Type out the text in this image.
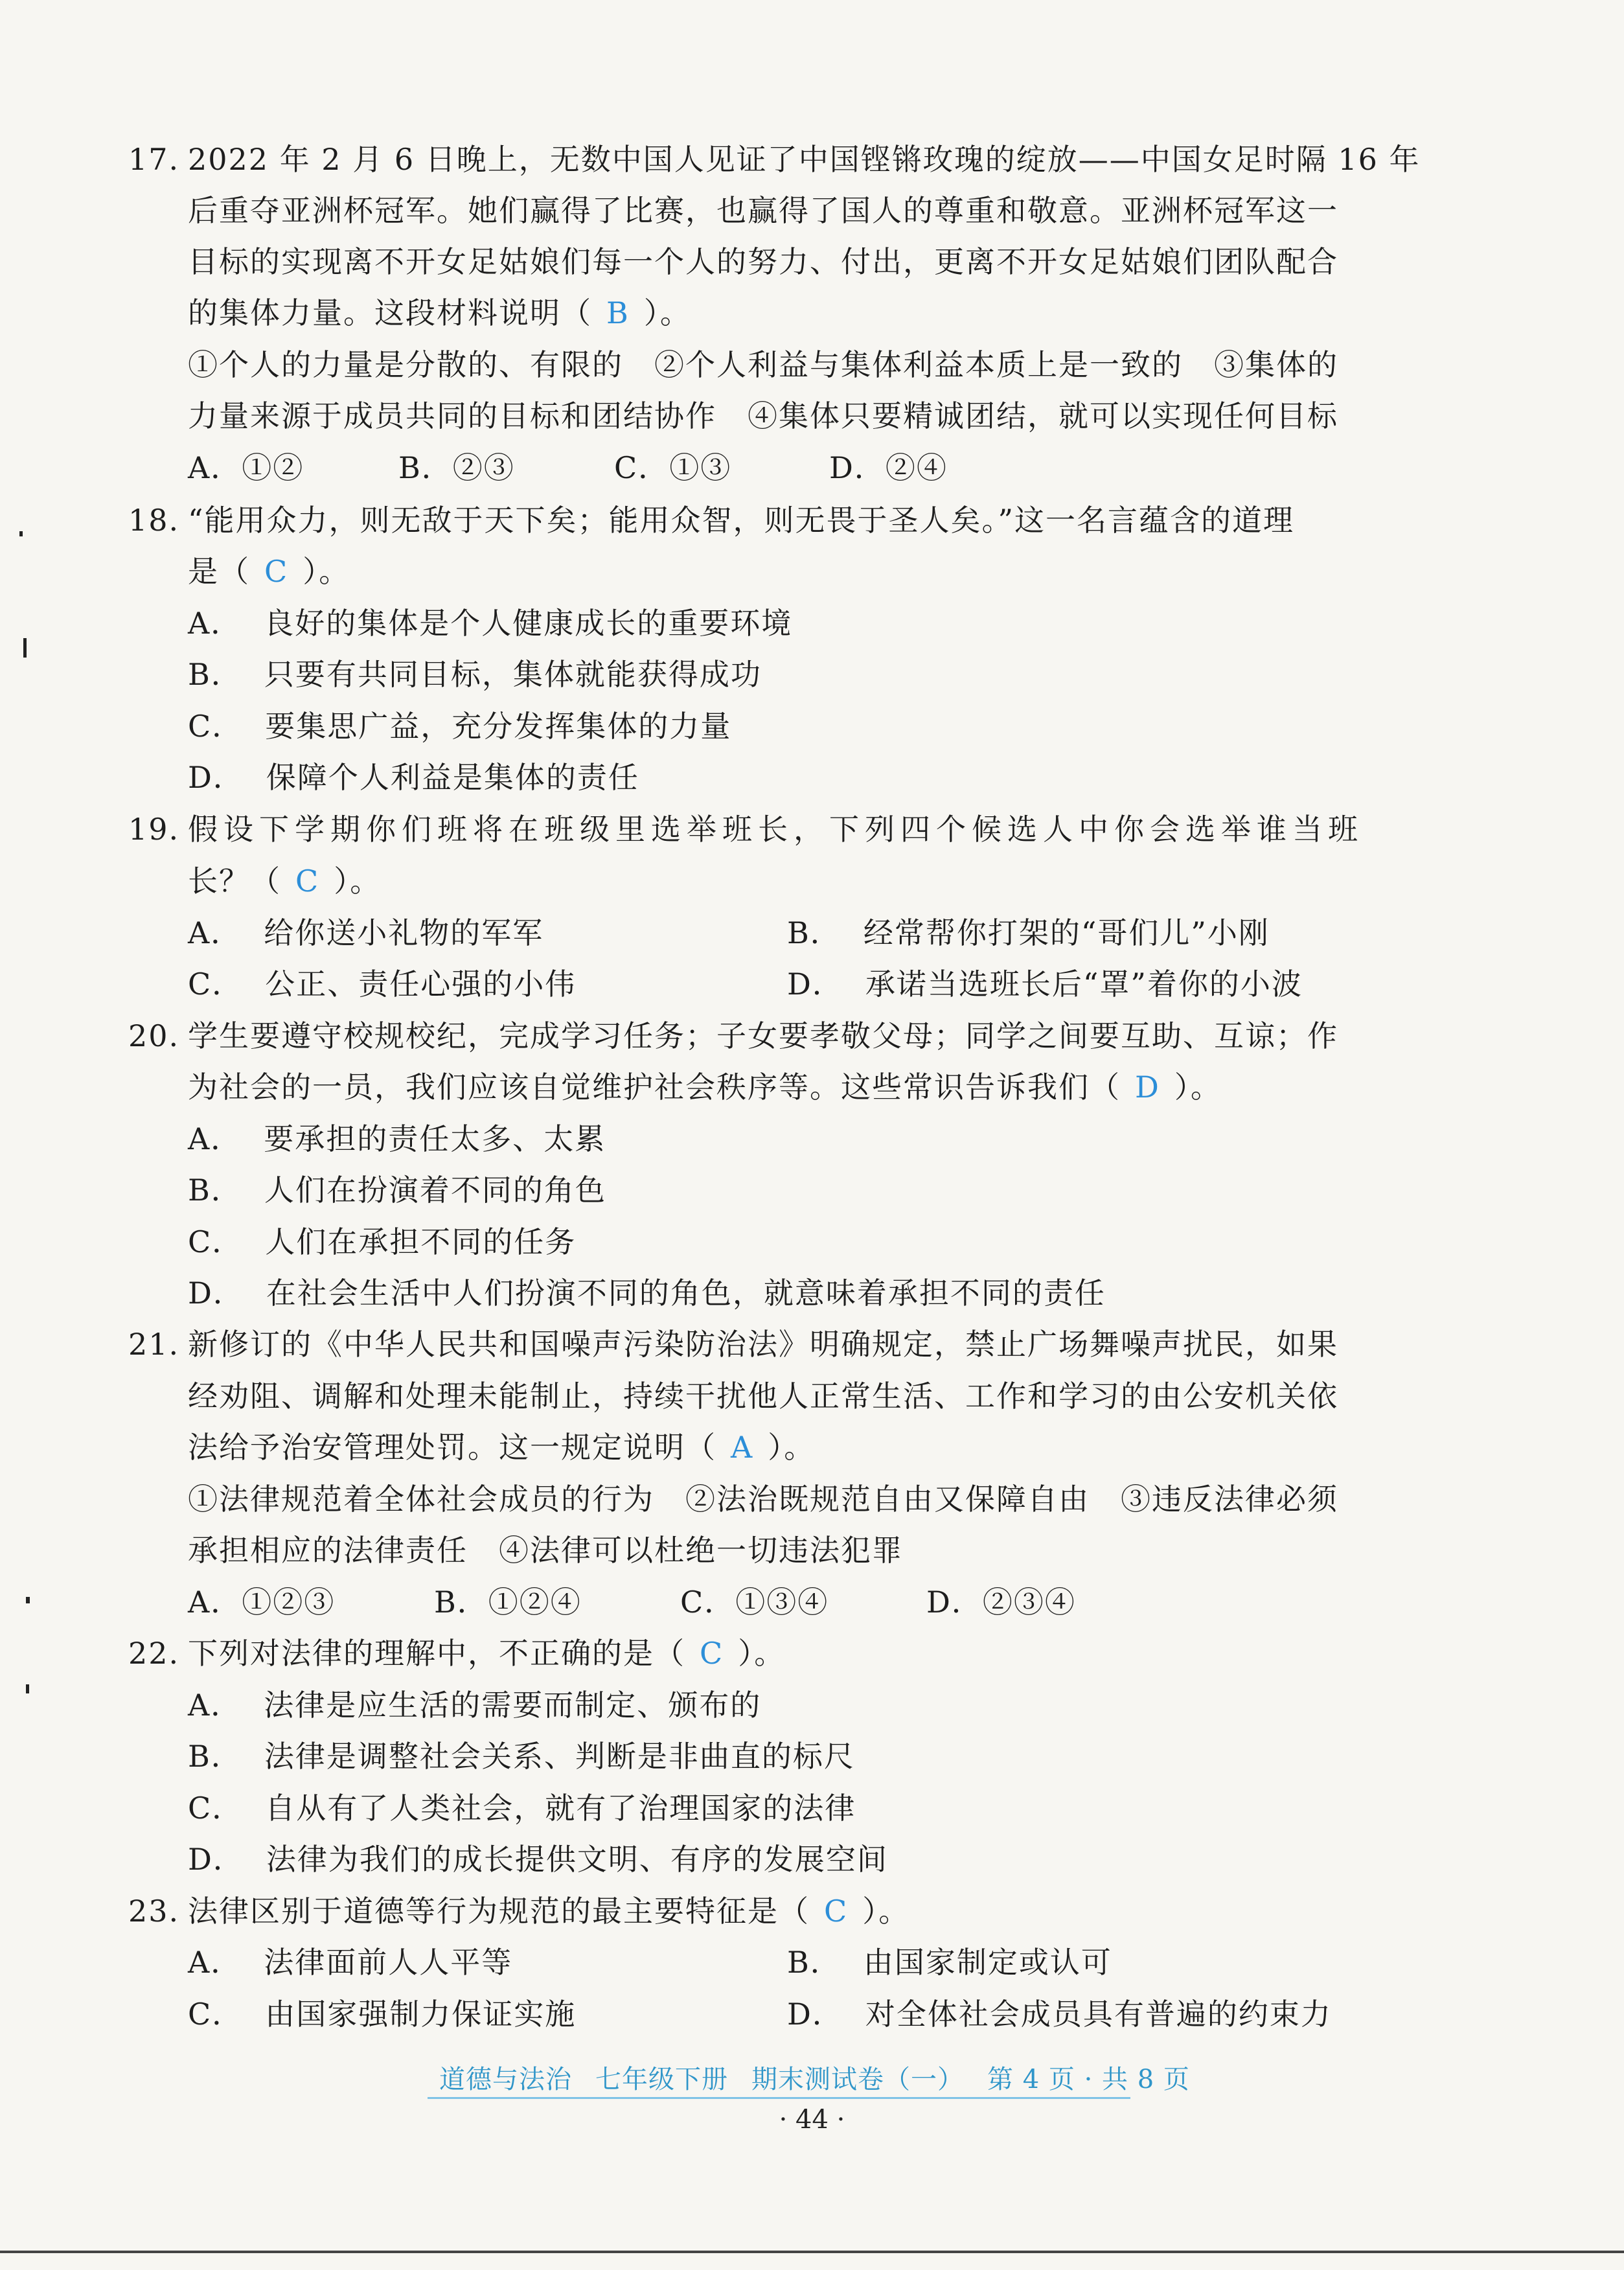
17. 2022 年 2 月 6 日晚上，无数中国人见证了中国铿锵玫瑰的绽放——中国女足时隔 16 年
后重夺亚洲杯冠军。她们赢得了比赛，也赢得了国人的尊重和敬意。亚洲杯冠军这一
目标的实现离不开女足姑娘们每一个人的努力、付出，更离不开女足姑娘们团队配合
的集体力量。这段材料说明（ B ）。
①个人的力量是分散的、有限的　②个人利益与集体利益本质上是一致的　③集体的
力量来源于成员共同的目标和团结协作　④集体只要精诚团结，就可以实现任何目标
A．①②	B．②③	C．①③	D．②④
18. “能用众力，则无敌于天下矣；能用众智，则无畏于圣人矣。”这一名言蕴含的道理
是（ C ）。
A． 良好的集体是个人健康成长的重要环境
B． 只要有共同目标，集体就能获得成功
C． 要集思广益，充分发挥集体的力量
D． 保障个人利益是集体的责任
19. 假设下学期你们班将在班级里选举班长，下列四个候选人中你会选举谁当班
长？（ C ）。
A． 给你送小礼物的军军	B． 经常帮你打架的“哥们儿”小刚
C． 公正、责任心强的小伟	D． 承诺当选班长后“罩”着你的小波
20. 学生要遵守校规校纪，完成学习任务；子女要孝敬父母；同学之间要互助、互谅；作
为社会的一员，我们应该自觉维护社会秩序等。这些常识告诉我们（ D ）。
A． 要承担的责任太多、太累
B． 人们在扮演着不同的角色
C． 人们在承担不同的任务
D． 在社会生活中人们扮演不同的角色，就意味着承担不同的责任
21. 新修订的《中华人民共和国噪声污染防治法》明确规定，禁止广场舞噪声扰民，如果
经劝阻、调解和处理未能制止，持续干扰他人正常生活、工作和学习的由公安机关依
法给予治安管理处罚。这一规定说明（ A ）。
①法律规范着全体社会成员的行为　②法治既规范自由又保障自由　③违反法律必须
承担相应的法律责任　④法律可以杜绝一切违法犯罪
A．①②③	B．①②④	C．①③④	D．②③④
22. 下列对法律的理解中，不正确的是（ C ）。
A． 法律是应生活的需要而制定、颁布的
B． 法律是调整社会关系、判断是非曲直的标尺
C． 自从有了人类社会，就有了治理国家的法律
D． 法律为我们的成长提供文明、有序的发展空间
23. 法律区别于道德等行为规范的最主要特征是（ C ）。
A． 法律面前人人平等	B． 由国家制定或认可
C． 由国家强制力保证实施	D． 对全体社会成员具有普遍的约束力
道德与法治 七年级下册 期末测试卷（一） 第 4 页 · 共 8 页
· 44 ·
